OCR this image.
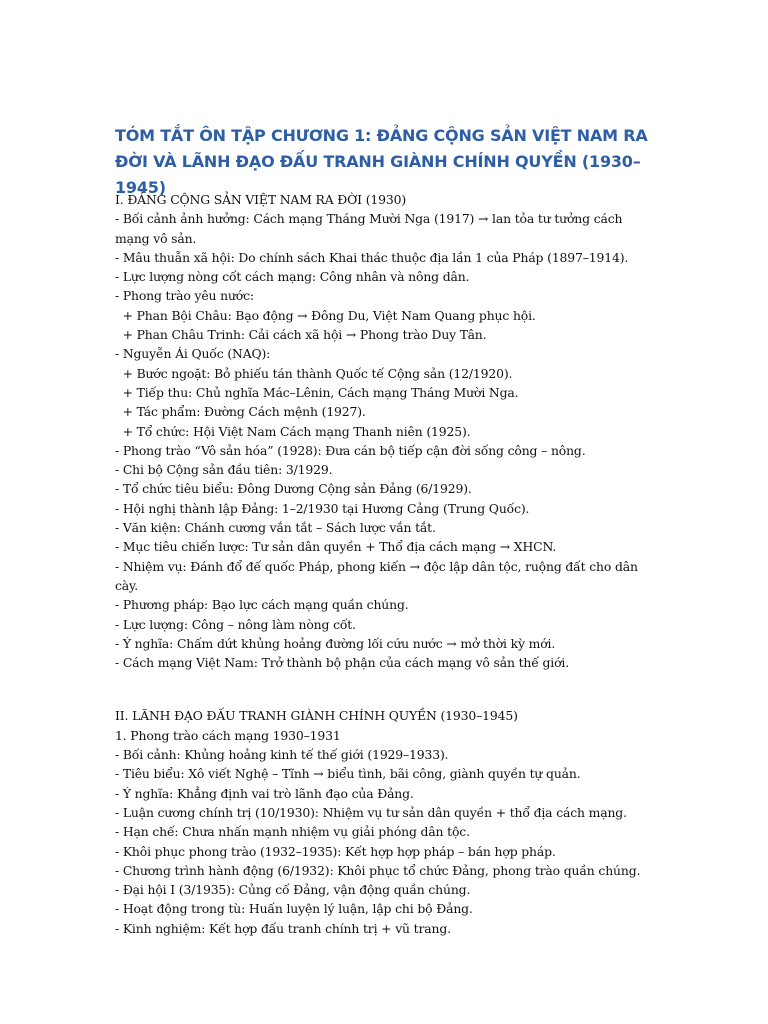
TÓM TẮT ÔN TẬP CHƯƠNG 1: ĐẢNG CỘNG SẢN VIỆT NAM RA ĐỜI VÀ LÃNH ĐẠO ĐẤU TRANH GIÀNH CHÍNH QUYỀN (1930–1945)
I. ĐẢNG CỘNG SẢN VIỆT NAM RA ĐỜI (1930)
- Bối cảnh ảnh hưởng: Cách mạng Tháng Mười Nga (1917) → lan tỏa tư tưởng cách mạng vô sản.
- Mâu thuẫn xã hội: Do chính sách Khai thác thuộc địa lần 1 của Pháp (1897–1914).
- Lực lượng nòng cốt cách mạng: Công nhân và nông dân.
- Phong trào yêu nước:
+ Phan Bội Châu: Bạo động → Đông Du, Việt Nam Quang phục hội.
+ Phan Châu Trinh: Cải cách xã hội → Phong trào Duy Tân.
- Nguyễn Ái Quốc (NAQ):
+ Bước ngoặt: Bỏ phiếu tán thành Quốc tế Cộng sản (12/1920).
+ Tiếp thu: Chủ nghĩa Mác–Lênin, Cách mạng Tháng Mười Nga.
+ Tác phẩm: Đường Cách mệnh (1927).
+ Tổ chức: Hội Việt Nam Cách mạng Thanh niên (1925).
- Phong trào “Vô sản hóa” (1928): Đưa cán bộ tiếp cận đời sống công – nông.
- Chi bộ Cộng sản đầu tiên: 3/1929.
- Tổ chức tiêu biểu: Đông Dương Cộng sản Đảng (6/1929).
- Hội nghị thành lập Đảng: 1–2/1930 tại Hương Cảng (Trung Quốc).
- Văn kiện: Chánh cương vắn tắt – Sách lược vắn tắt.
- Mục tiêu chiến lược: Tư sản dân quyền + Thổ địa cách mạng → XHCN.
- Nhiệm vụ: Đánh đổ đế quốc Pháp, phong kiến → độc lập dân tộc, ruộng đất cho dân cày.
- Phương pháp: Bạo lực cách mạng quần chúng.
- Lực lượng: Công – nông làm nòng cốt.
- Ý nghĩa: Chấm dứt khủng hoảng đường lối cứu nước → mở thời kỳ mới.
- Cách mạng Việt Nam: Trở thành bộ phận của cách mạng vô sản thế giới.
II. LÃNH ĐẠO ĐẤU TRANH GIÀNH CHÍNH QUYỀN (1930–1945)
1. Phong trào cách mạng 1930–1931
- Bối cảnh: Khủng hoảng kinh tế thế giới (1929–1933).
- Tiêu biểu: Xô viết Nghệ – Tĩnh → biểu tình, bãi công, giành quyền tự quản.
- Ý nghĩa: Khẳng định vai trò lãnh đạo của Đảng.
- Luận cương chính trị (10/1930): Nhiệm vụ tư sản dân quyền + thổ địa cách mạng.
- Hạn chế: Chưa nhấn mạnh nhiệm vụ giải phóng dân tộc.
- Khôi phục phong trào (1932–1935): Kết hợp hợp pháp – bán hợp pháp.
- Chương trình hành động (6/1932): Khôi phục tổ chức Đảng, phong trào quần chúng.
- Đại hội I (3/1935): Củng cố Đảng, vận động quần chúng.
- Hoạt động trong tù: Huấn luyện lý luận, lập chi bộ Đảng.
- Kinh nghiệm: Kết hợp đấu tranh chính trị + vũ trang.
